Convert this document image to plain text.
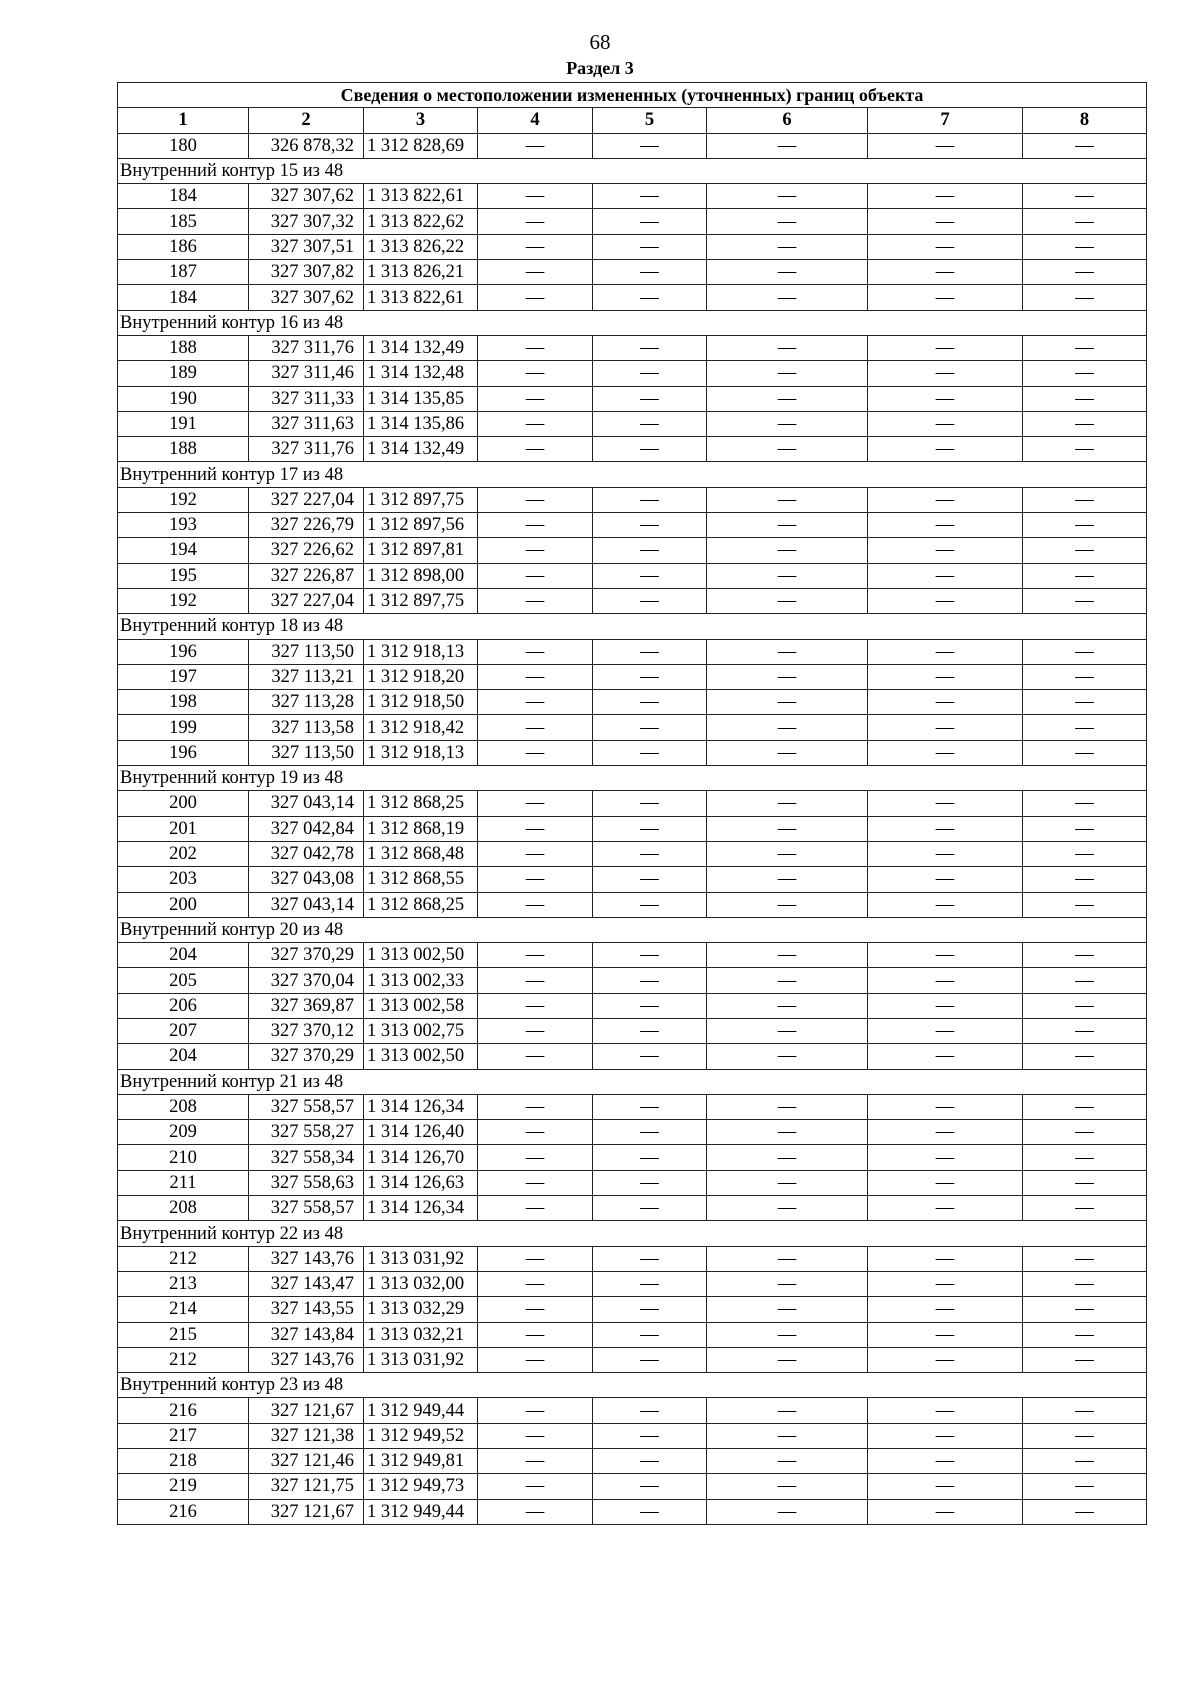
68
Раздел 3
Сведения о местоположении измененных (уточненных) границ объекта							
1	2	3	4	5	6	7	8
180	326 878,32	1 312 828,69	—	—	—	—	—
Внутренний контур 15 из 48							
184	327 307,62	1 313 822,61	—	—	—	—	—
185	327 307,32	1 313 822,62	—	—	—	—	—
186	327 307,51	1 313 826,22	—	—	—	—	—
187	327 307,82	1 313 826,21	—	—	—	—	—
184	327 307,62	1 313 822,61	—	—	—	—	—
Внутренний контур 16 из 48							
188	327 311,76	1 314 132,49	—	—	—	—	—
189	327 311,46	1 314 132,48	—	—	—	—	—
190	327 311,33	1 314 135,85	—	—	—	—	—
191	327 311,63	1 314 135,86	—	—	—	—	—
188	327 311,76	1 314 132,49	—	—	—	—	—
Внутренний контур 17 из 48							
192	327 227,04	1 312 897,75	—	—	—	—	—
193	327 226,79	1 312 897,56	—	—	—	—	—
194	327 226,62	1 312 897,81	—	—	—	—	—
195	327 226,87	1 312 898,00	—	—	—	—	—
192	327 227,04	1 312 897,75	—	—	—	—	—
Внутренний контур 18 из 48							
196	327 113,50	1 312 918,13	—	—	—	—	—
197	327 113,21	1 312 918,20	—	—	—	—	—
198	327 113,28	1 312 918,50	—	—	—	—	—
199	327 113,58	1 312 918,42	—	—	—	—	—
196	327 113,50	1 312 918,13	—	—	—	—	—
Внутренний контур 19 из 48							
200	327 043,14	1 312 868,25	—	—	—	—	—
201	327 042,84	1 312 868,19	—	—	—	—	—
202	327 042,78	1 312 868,48	—	—	—	—	—
203	327 043,08	1 312 868,55	—	—	—	—	—
200	327 043,14	1 312 868,25	—	—	—	—	—
Внутренний контур 20 из 48							
204	327 370,29	1 313 002,50	—	—	—	—	—
205	327 370,04	1 313 002,33	—	—	—	—	—
206	327 369,87	1 313 002,58	—	—	—	—	—
207	327 370,12	1 313 002,75	—	—	—	—	—
204	327 370,29	1 313 002,50	—	—	—	—	—
Внутренний контур 21 из 48							
208	327 558,57	1 314 126,34	—	—	—	—	—
209	327 558,27	1 314 126,40	—	—	—	—	—
210	327 558,34	1 314 126,70	—	—	—	—	—
211	327 558,63	1 314 126,63	—	—	—	—	—
208	327 558,57	1 314 126,34	—	—	—	—	—
Внутренний контур 22 из 48							
212	327 143,76	1 313 031,92	—	—	—	—	—
213	327 143,47	1 313 032,00	—	—	—	—	—
214	327 143,55	1 313 032,29	—	—	—	—	—
215	327 143,84	1 313 032,21	—	—	—	—	—
212	327 143,76	1 313 031,92	—	—	—	—	—
Внутренний контур 23 из 48							
216	327 121,67	1 312 949,44	—	—	—	—	—
217	327 121,38	1 312 949,52	—	—	—	—	—
218	327 121,46	1 312 949,81	—	—	—	—	—
219	327 121,75	1 312 949,73	—	—	—	—	—
216	327 121,67	1 312 949,44	—	—	—	—	—
